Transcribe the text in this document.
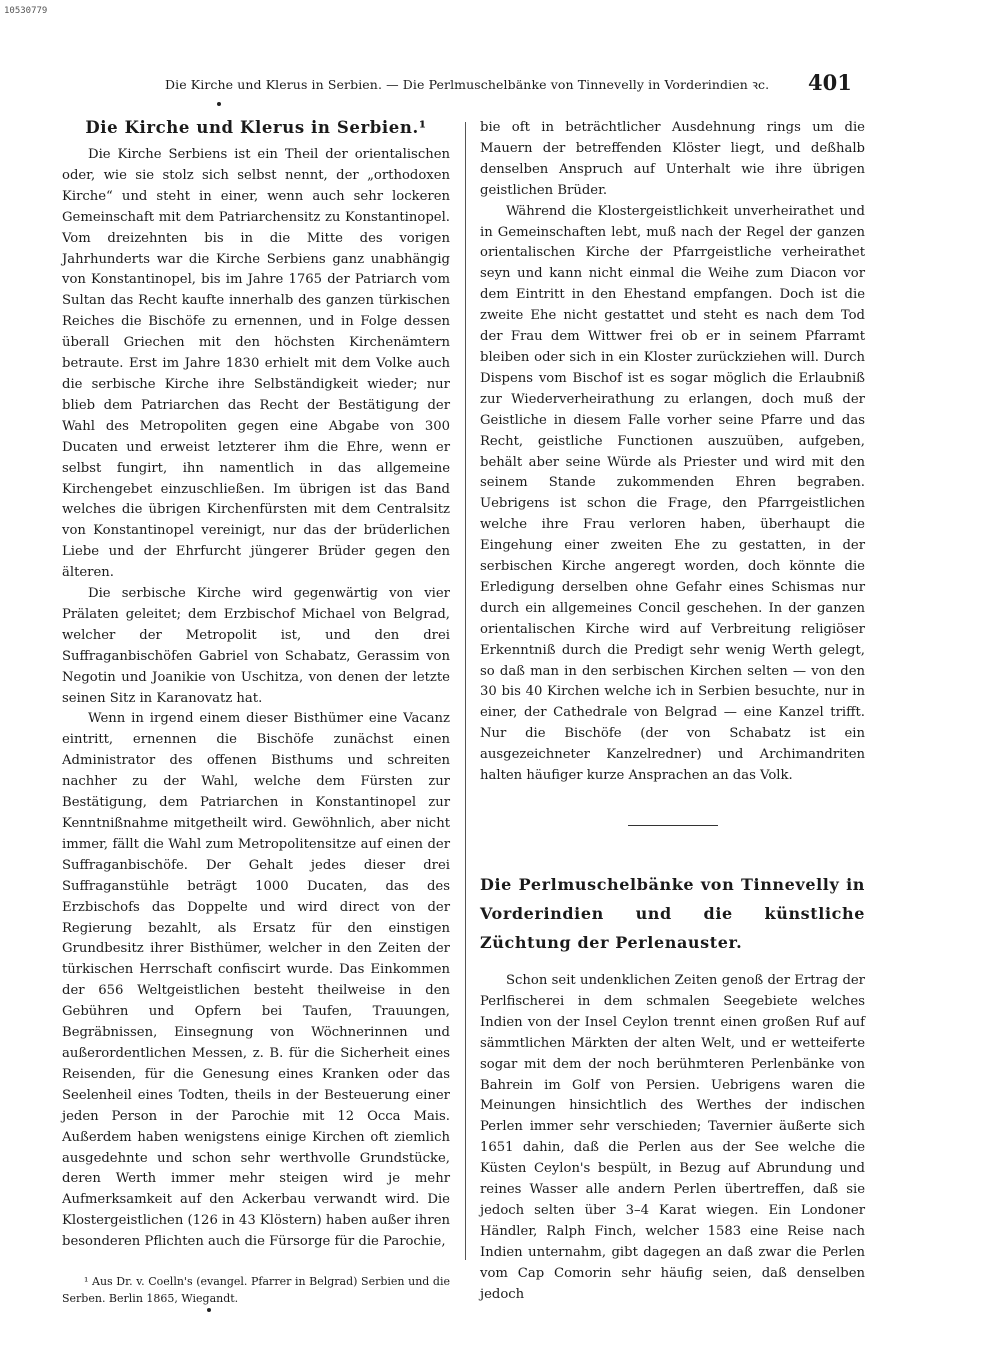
10530779
Die Kirche und Klerus in Serbien. — Die Perlmuschelbänke von Tinnevelly in Vorderindien ꝛc. 401
Die Kirche und Klerus in Serbien.¹

Die Kirche Serbiens ist ein Theil der orientalischen oder, wie sie stolz sich selbst nennt, der „orthodoxen Kirche“ und steht in einer, wenn auch sehr lockeren Gemeinschaft mit dem Patriarchensitz zu Konstantinopel. Vom dreizehnten bis in die Mitte des vorigen Jahrhunderts war die Kirche Serbiens ganz unabhängig von Konstantinopel, bis im Jahre 1765 der Patriarch vom Sultan das Recht kaufte innerhalb des ganzen türkischen Reiches die Bischöfe zu ernennen, und in Folge dessen überall Griechen mit den höchsten Kirchenämtern betraute. Erst im Jahre 1830 erhielt mit dem Volke auch die serbische Kirche ihre Selbständigkeit wieder; nur blieb dem Patriarchen das Recht der Bestätigung der Wahl des Metropoliten gegen eine Abgabe von 300 Ducaten und erweist letzterer ihm die Ehre, wenn er selbst fungirt, ihn namentlich in das allgemeine Kirchengebet einzuschließen. Im übrigen ist das Band welches die übrigen Kirchenfürsten mit dem Centralsitz von Konstantinopel vereinigt, nur das der brüderlichen Liebe und der Ehrfurcht jüngerer Brüder gegen den älteren.

Die serbische Kirche wird gegenwärtig von vier Prälaten geleitet; dem Erzbischof Michael von Belgrad, welcher der Metropolit ist, und den drei Suffraganbischöfen Gabriel von Schabatz, Gerassim von Negotin und Joanikie von Uschitza, von denen der letzte seinen Sitz in Karanovatz hat.

Wenn in irgend einem dieser Bisthümer eine Vacanz eintritt, ernennen die Bischöfe zunächst einen Administrator des offenen Bisthums und schreiten nachher zu der Wahl, welche dem Fürsten zur Bestätigung, dem Patriarchen in Konstantinopel zur Kenntnißnahme mitgetheilt wird. Gewöhnlich, aber nicht immer, fällt die Wahl zum Metropolitensitze auf einen der Suffraganbischöfe. Der Gehalt jedes dieser drei Suffraganstühle beträgt 1000 Ducaten, das des Erzbischofs das Doppelte und wird direct von der Regierung bezahlt, als Ersatz für den einstigen Grundbesitz ihrer Bisthümer, welcher in den Zeiten der türkischen Herrschaft confiscirt wurde. Das Einkommen der 656 Weltgeistlichen besteht theilweise in den Gebühren und Opfern bei Taufen, Trauungen, Begräbnissen, Einsegnung von Wöchnerinnen und außerordentlichen Messen, z. B. für die Sicherheit eines Reisenden, für die Genesung eines Kranken oder das Seelenheil eines Todten, theils in der Besteuerung einer jeden Person in der Parochie mit 12 Occa Mais. Außerdem haben wenigstens einige Kirchen oft ziemlich ausgedehnte und schon sehr werthvolle Grundstücke, deren Werth immer mehr steigen wird je mehr Aufmerksamkeit auf den Ackerbau verwandt wird. Die Klostergeistlichen (126 in 43 Klöstern) haben außer ihren besonderen Pflichten auch die Fürsorge für die Parochie,

¹ Aus Dr. v. Coelln's (evangel. Pfarrer in Belgrad) Serbien und die Serben. Berlin 1865, Wiegandt.

bie oft in beträchtlicher Ausdehnung rings um die Mauern der betreffenden Klöster liegt, und deßhalb denselben Anspruch auf Unterhalt wie ihre übrigen geistlichen Brüder.

Während die Klostergeistlichkeit unverheirathet und in Gemeinschaften lebt, muß nach der Regel der ganzen orientalischen Kirche der Pfarrgeistliche verheirathet seyn und kann nicht einmal die Weihe zum Diacon vor dem Eintritt in den Ehestand empfangen. Doch ist die zweite Ehe nicht gestattet und steht es nach dem Tod der Frau dem Wittwer frei ob er in seinem Pfarramt bleiben oder sich in ein Kloster zurückziehen will. Durch Dispens vom Bischof ist es sogar möglich die Erlaubniß zur Wiederverheirathung zu erlangen, doch muß der Geistliche in diesem Falle vorher seine Pfarre und das Recht, geistliche Functionen auszuüben, aufgeben, behält aber seine Würde als Priester und wird mit den seinem Stande zukommenden Ehren begraben. Uebrigens ist schon die Frage, den Pfarrgeistlichen welche ihre Frau verloren haben, überhaupt die Eingehung einer zweiten Ehe zu gestatten, in der serbischen Kirche angeregt worden, doch könnte die Erledigung derselben ohne Gefahr eines Schismas nur durch ein allgemeines Concil geschehen. In der ganzen orientalischen Kirche wird auf Verbreitung religiöser Erkenntniß durch die Predigt sehr wenig Werth gelegt, so daß man in den serbischen Kirchen selten — von den 30 bis 40 Kirchen welche ich in Serbien besuchte, nur in einer, der Cathedrale von Belgrad — eine Kanzel trifft. Nur die Bischöfe (der von Schabatz ist ein ausgezeichneter Kanzelredner) und Archimandriten halten häufiger kurze Ansprachen an das Volk.

Die Perlmuschelbänke von Tinnevelly in Vorderindien und die künstliche Züchtung der Perlenauster.

Schon seit undenklichen Zeiten genoß der Ertrag der Perlfischerei in dem schmalen Seegebiete welches Indien von der Insel Ceylon trennt einen großen Ruf auf sämmtlichen Märkten der alten Welt, und er wetteiferte sogar mit dem der noch berühmteren Perlenbänke von Bahrein im Golf von Persien. Uebrigens waren die Meinungen hinsichtlich des Werthes der indischen Perlen immer sehr verschieden; Tavernier äußerte sich 1651 dahin, daß die Perlen aus der See welche die Küsten Ceylon's bespült, in Bezug auf Abrundung und reines Wasser alle andern Perlen übertreffen, daß sie jedoch selten über 3–4 Karat wiegen. Ein Londoner Händler, Ralph Finch, welcher 1583 eine Reise nach Indien unternahm, gibt dagegen an daß zwar die Perlen vom Cap Comorin sehr häufig seien, daß denselben jedoch
